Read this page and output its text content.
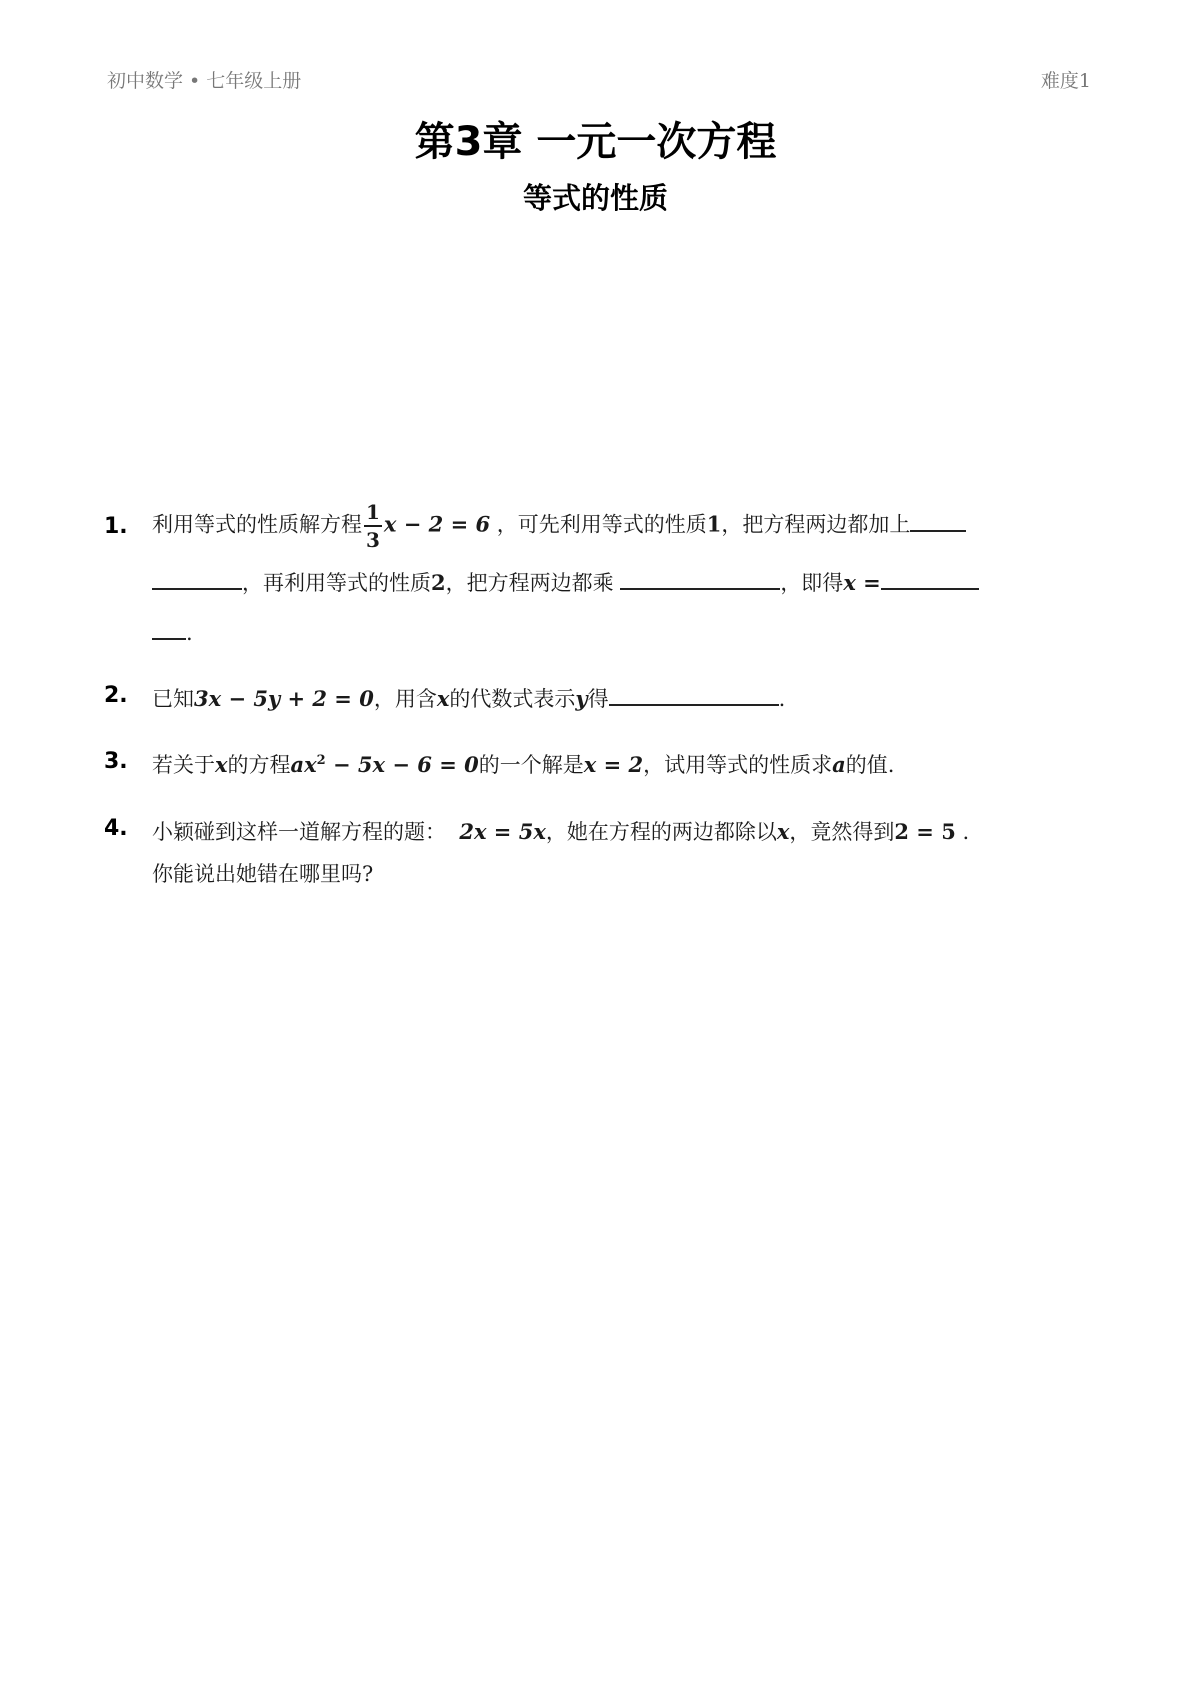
初中数学 • 七年级上册	难度1
第3章 一元一次方程
等式的性质
1. 利用等式的性质解方程 $\frac{1}{3}$ x − 2 = 6 ，可先利用等式的性质1，把方程两边都加上
，再利用等式的性质2，把方程两边都乘	，即得x =
.
2. 已知3x − 5y + 2 = 0，用含x的代数式表示y得	.
3. 若关于x的方程$ax^2 - 5x - 6 = 0$的一个解是x = 2，试用等式的性质求a的值.
4. 小颖碰到这样一道解方程的题： 2x = 5x，她在方程的两边都除以x，竟然得到2 = 5 .
你能说出她错在哪里吗?
